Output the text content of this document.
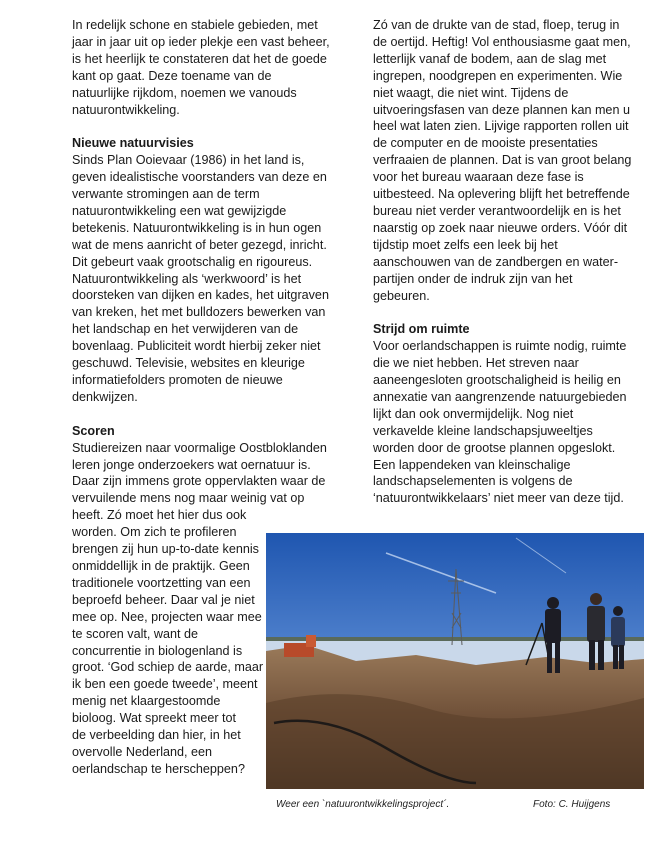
In redelijk schone en stabiele gebieden, met
jaar in jaar uit op ieder plekje een vast beheer,
is het heerlijk te constateren dat het de goede
kant op gaat. Deze toename van de
natuurlijke rijkdom, noemen we vanouds
natuurontwikkeling.

Nieuwe natuurvisies

Sinds Plan Ooievaar (1986) in het land is,
geven idealistische voorstanders van deze en
verwante stromingen aan de term
natuurontwikkeling een wat gewijzigde
betekenis. Natuurontwikkeling is in hun ogen
wat de mens aanricht of beter gezegd, inricht.
Dit gebeurt vaak grootschalig en rigoureus.
Natuurontwikkeling als ‘werkwoord’ is het
doorsteken van dijken en kades, het uitgraven
van kreken, het met bulldozers bewerken van
het landschap en het verwijderen van de
bovenlaag. Publiciteit wordt hierbij zeker niet
geschuwd. Televisie, websites en kleurige
informatiefolders promoten de nieuwe
denkwijzen.

Scoren

Studiereizen naar voormalige Oostbloklanden
leren jonge onderzoekers wat oernatuur is.
Daar zijn immens grote oppervlakten waar de
vervuilende mens nog maar weinig vat op
heeft. Zó moet het hier dus ook
worden. Om zich te profileren
brengen zij hun up-to-date kennis
onmiddellijk in de praktijk. Geen
traditionele voortzetting van een
beproefd beheer. Daar val je niet
mee op. Nee, projecten waar mee
te scoren valt, want de
concurrentie in biologenland is
groot. ‘God schiep de aarde, maar
ik ben een goede tweede’, meent
menig net klaargestoomde
bioloog. Wat spreekt meer tot
de verbeelding dan hier, in het
overvolle Nederland, een
oerlandschap te herscheppen?

Zó van de drukte van de stad, floep, terug in
de oertijd. Heftig! Vol enthousiasme gaat men,
letterlijk vanaf de bodem, aan de slag met
ingrepen, noodgrepen en experimenten. Wie
niet waagt, die niet wint. Tijdens de
uitvoeringsfasen van deze plannen kan men u
heel wat laten zien. Lijvige rapporten rollen uit
de computer en de mooiste presentaties
verfraaien de plannen. Dat is van groot belang
voor het bureau waaraan deze fase is
uitbesteed. Na oplevering blijft het betreffende
bureau niet verder verantwoordelijk en is het
naarstig op zoek naar nieuwe orders. Vóór dit
tijdstip moet zelfs een leek bij het
aanschouwen van de zandbergen en water-
partijen onder de indruk zijn van het
gebeuren.

Strijd om ruimte

Voor oerlandschappen is ruimte nodig, ruimte
die we niet hebben. Het streven naar
aaneengesloten grootschaligheid is heilig en
annexatie van aangrenzende natuurgebieden
lijkt dan ook onvermijdelijk. Nog niet
verkavelde kleine landschapsjuweeltjes
worden door de grootse plannen opgeslokt.
Een lappendeken van kleinschalige
landschapselementen is volgens de
‘natuurontwikkelaars’ niet meer van deze tijd.

Weer een `natuurontwikkelingsproject´.	Foto: C. Huijgens
